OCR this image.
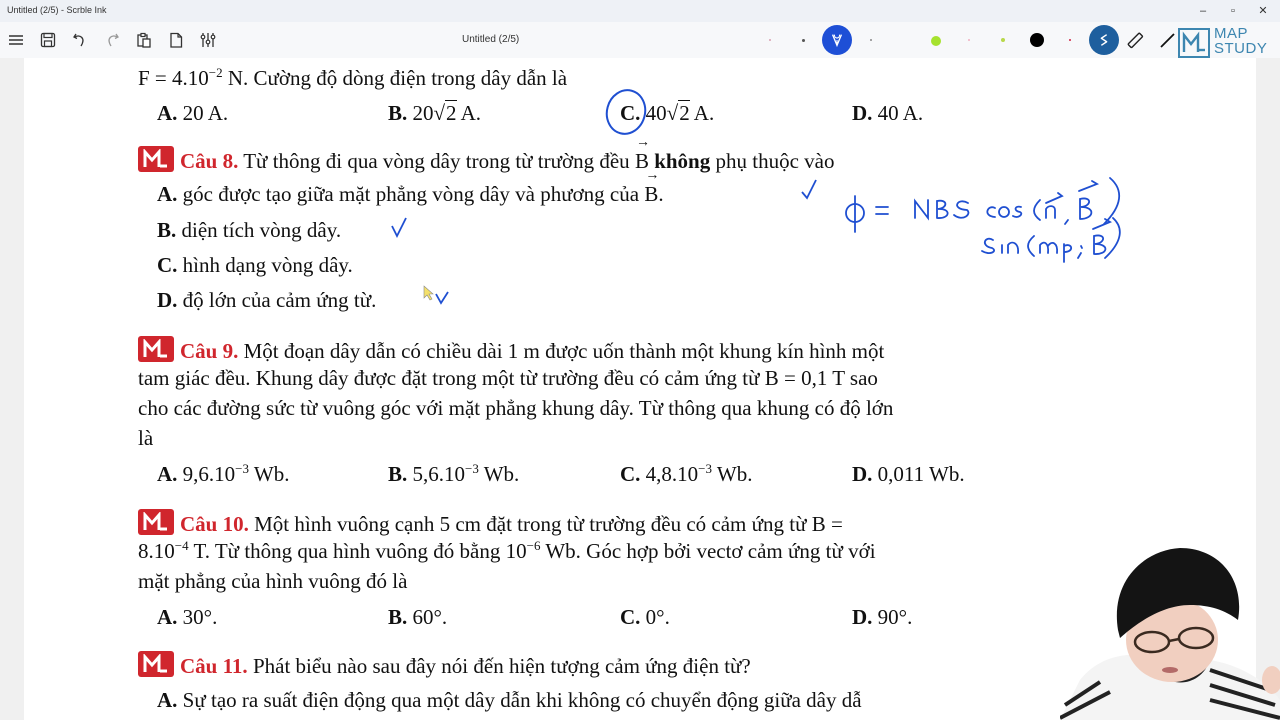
Untitled (2/5) - Scrble Ink	–	▫	✕
Untitled (2/5)	MAP
STUDY
$F = 4.10^{-2}$ N. Cường độ dòng điện trong dây dẫn là
A. 20 A.	B. 20√2 A.	C. 40√2 A.	D. 40 A.
Câu 8. Từ thông đi qua vòng dây trong từ trường đều → B không phụ thuộc vào
A. góc được tạo giữa mặt phẳng vòng dây và phương của → B.
B. diện tích vòng dây.
C. hình dạng vòng dây.
D. độ lớn của cảm ứng từ.
Câu 9. Một đoạn dây dẫn có chiều dài 1 m được uốn thành một khung kín hình một
tam giác đều. Khung dây được đặt trong một từ trường đều có cảm ứng từ B = 0,1 T sao
cho các đường sức từ vuông góc với mặt phẳng khung dây. Từ thông qua khung có độ lớn
là
A. $9,6.10^{-3}$ Wb.	B. $5,6.10^{-3}$ Wb.	C. $4,8.10^{-3}$ Wb.	D. 0,011 Wb.
Câu 10. Một hình vuông cạnh 5 cm đặt trong từ trường đều có cảm ứng từ B =
$8.10^{-4}$ T. Từ thông qua hình vuông đó bằng $10^{-6}$ Wb. Góc hợp bởi vectơ cảm ứng từ với
mặt phẳng của hình vuông đó là
A. 30°.	B. 60°.	C. 0°.	D. 90°.
Câu 11. Phát biểu nào sau đây nói đến hiện tượng cảm ứng điện từ?
A. Sự tạo ra suất điện động qua một dây dẫn khi không có chuyển động giữa dây dẫ
